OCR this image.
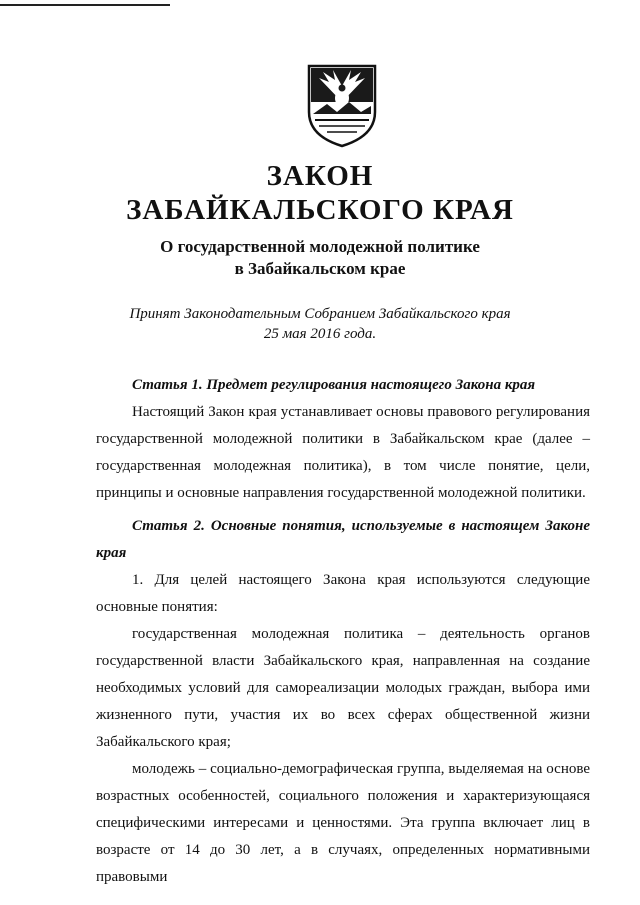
ЗАКОН
ЗАБАЙКАЛЬСКОГО КРАЯ
О государственной молодежной политике
в Забайкальском крае
Принят Законодательным Собранием Забайкальского края
25 мая 2016 года.

Статья 1. Предмет регулирования настоящего Закона края

Настоящий Закон края устанавливает основы правового регулирования государственной молодежной политики в Забайкальском крае (далее – государственная молодежная политика), в том числе понятие, цели, принципы и основные направления государственной молодежной политики.

Статья 2. Основные понятия, используемые в настоящем Законе края

1. Для целей настоящего Закона края используются следующие основные понятия:

государственная молодежная политика – деятельность органов государственной власти Забайкальского края, направленная на создание необходимых условий для самореализации молодых граждан, выбора ими жизненного пути, участия их во всех сферах общественной жизни Забайкальского края;

молодежь – социально-демографическая группа, выделяемая на основе возрастных особенностей, социального положения и характеризующаяся специфическими интересами и ценностями. Эта группа включает лиц в возрасте от 14 до 30 лет, а в случаях, определенных нормативными правовыми
